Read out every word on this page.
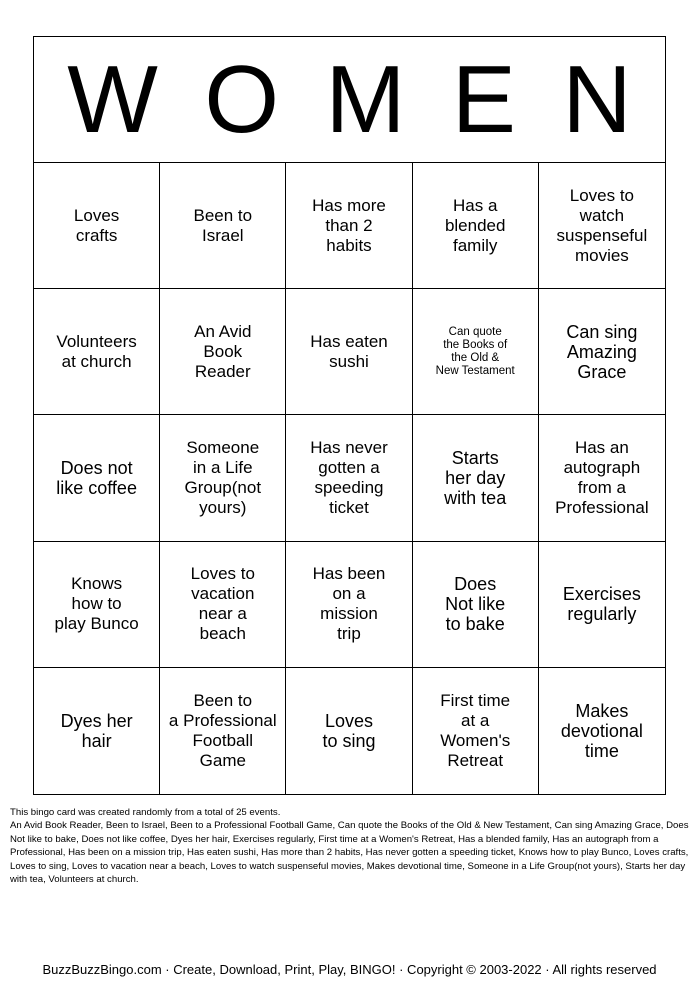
W O M E N
Loves
crafts
Been to
Israel
Has more
than 2
habits
Has a
blended
family
Loves to
watch
suspenseful
movies
Volunteers
at church
An Avid
Book
Reader
Has eaten
sushi
Can quote
the Books of
the Old &
New Testament
Can sing
Amazing
Grace
Does not
like coffee
Someone
in a Life
Group(not
yours)
Has never
gotten a
speeding
ticket
Starts
her day
with tea
Has an
autograph
from a
Professional
Knows
how to
play Bunco
Loves to
vacation
near a
beach
Has been
on a
mission
trip
Does
Not like
to bake
Exercises
regularly
Dyes her
hair
Been to
a Professional
Football
Game
Loves
to sing
First time
at a
Women's
Retreat
Makes
devotional
time
This bingo card was created randomly from a total of 25 events.
An Avid Book Reader, Been to Israel, Been to a Professional Football Game, Can quote the Books of the Old & New Testament, Can sing Amazing Grace, Does Not like to bake, Does not like coffee, Dyes her hair, Exercises regularly, First time at a Women's Retreat, Has a blended family, Has an autograph from a Professional, Has been on a mission trip, Has eaten sushi, Has more than 2 habits, Has never gotten a speeding ticket, Knows how to play Bunco, Loves crafts, Loves to sing, Loves to vacation near a beach, Loves to watch suspenseful movies, Makes devotional time, Someone in a Life Group(not yours), Starts her day with tea, Volunteers at church.
BuzzBuzzBingo.com · Create, Download, Print, Play, BINGO! · Copyright © 2003-2022 · All rights reserved
